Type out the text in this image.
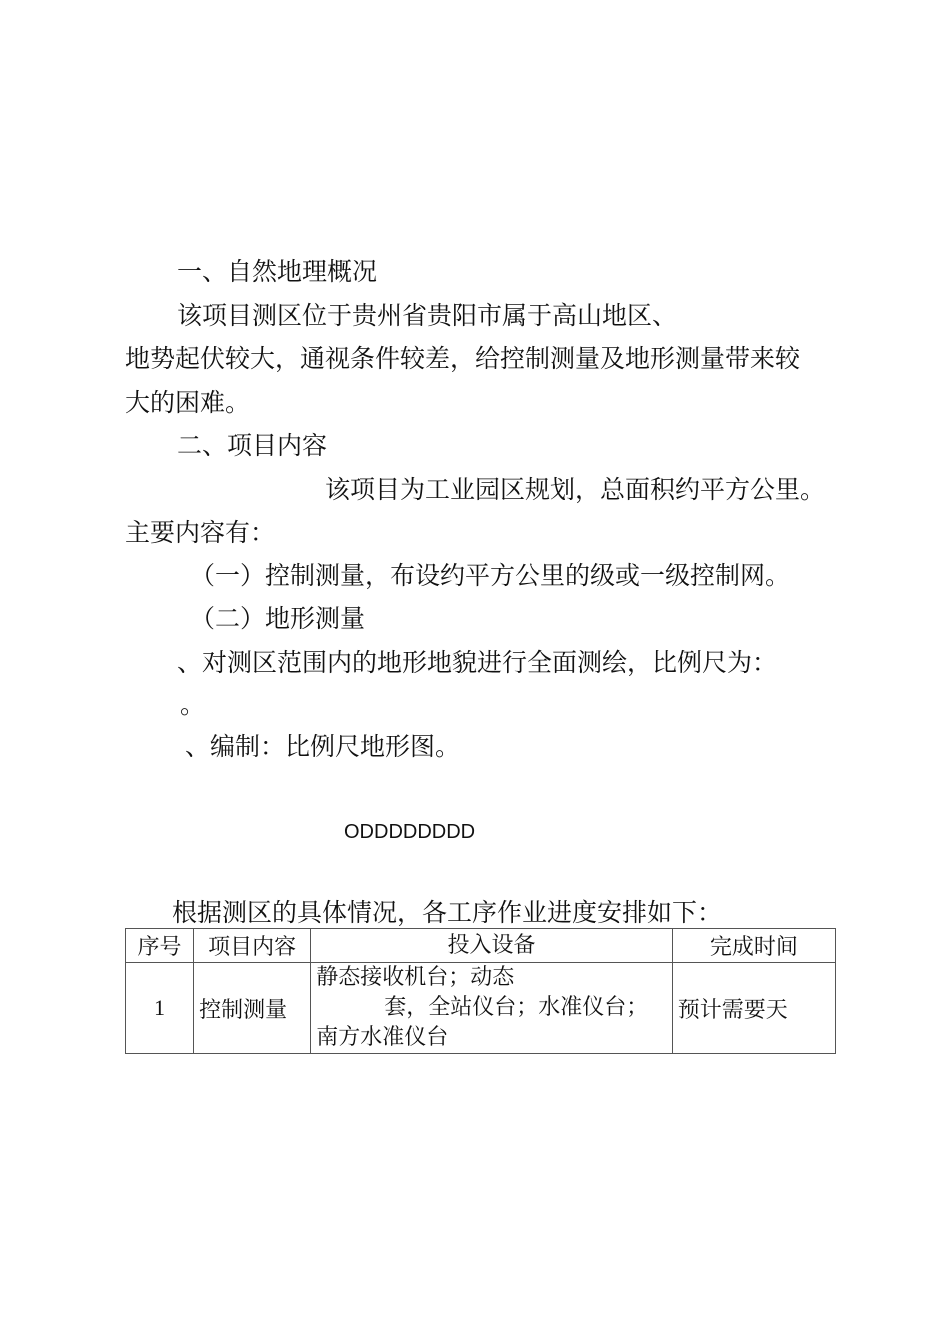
一、自然地理概况
该项目测区位于贵州省贵阳市属于高山地区、
地势起伏较大，通视条件较差，给控制测量及地形测量带来较
大的困难。
二、项目内容
该项目为工业园区规划，总面积约平方公里。
主要内容有：
（一）控制测量，布设约平方公里的级或一级控制网。
（二）地形测量
、对测区范围内的地形地貌进行全面测绘，比例尺为：
。
、编制：比例尺地形图。
ODDDDDDDD
根据测区的具体情况，各工序作业进度安排如下：
序号	项目内容	投入设备	完成时间
1	控制测量	静态接收机台；动态
套，全站仪台；水准仪台；
南方水准仪台	预计需要天
